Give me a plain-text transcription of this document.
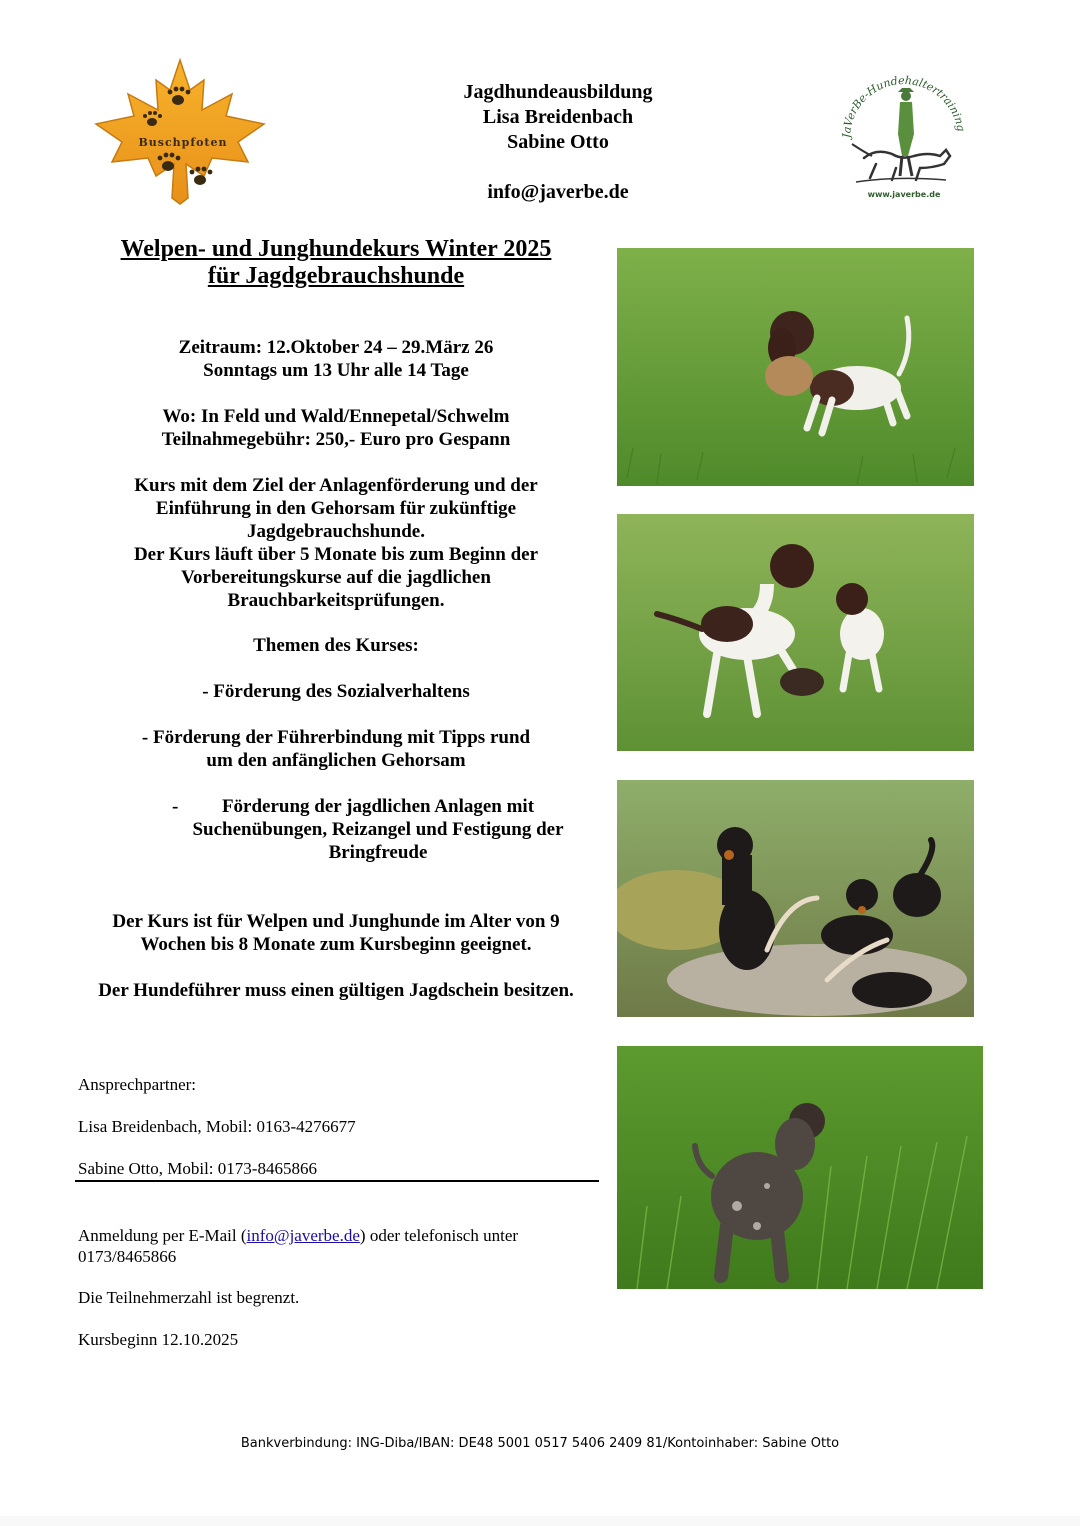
Buschpfoten
Jagdhundeausbildung
Lisa Breidenbach
Sabine Otto
info@javerbe.de
JaVerBe-Hundehaltertraining
www.javerbe.de
Welpen- und Junghundekurs Winter 2025
für Jagdgebrauchshunde
Zeitraum: 12.Oktober 24 – 29.März 26
Sonntags um 13 Uhr alle 14 Tage
Wo: In Feld und Wald/Ennepetal/Schwelm
Teilnahmegebühr: 250,- Euro pro Gespann
Kurs mit dem Ziel der Anlagenförderung und der
Einführung in den Gehorsam für zukünftige
Jagdgebrauchshunde.
Der Kurs läuft über 5 Monate bis zum Beginn der
Vorbereitungskurse auf die jagdlichen
Brauchbarkeitsprüfungen.
Themen des Kurses:
- Förderung des Sozialverhaltens
- Förderung der Führerbindung mit Tipps rund
um den anfänglichen Gehorsam
-	Förderung der jagdlichen Anlagen mit
Suchenübungen, Reizangel und Festigung der
Bringfreude
Der Kurs ist für Welpen und Junghunde im Alter von 9
Wochen bis 8 Monate zum Kursbeginn geeignet.
Der Hundeführer muss einen gültigen Jagdschein besitzen.
Ansprechpartner:
Lisa Breidenbach, Mobil: 0163-4276677
Sabine Otto, Mobil: 0173-8465866
Anmeldung per E-Mail (info@javerbe.de) oder telefonisch unter
0173/8465866
Die Teilnehmerzahl ist begrenzt.
Kursbeginn 12.10.2025
Bankverbindung: ING-Diba/IBAN: DE48 5001 0517 5406 2409 81/Kontoinhaber: Sabine Otto
